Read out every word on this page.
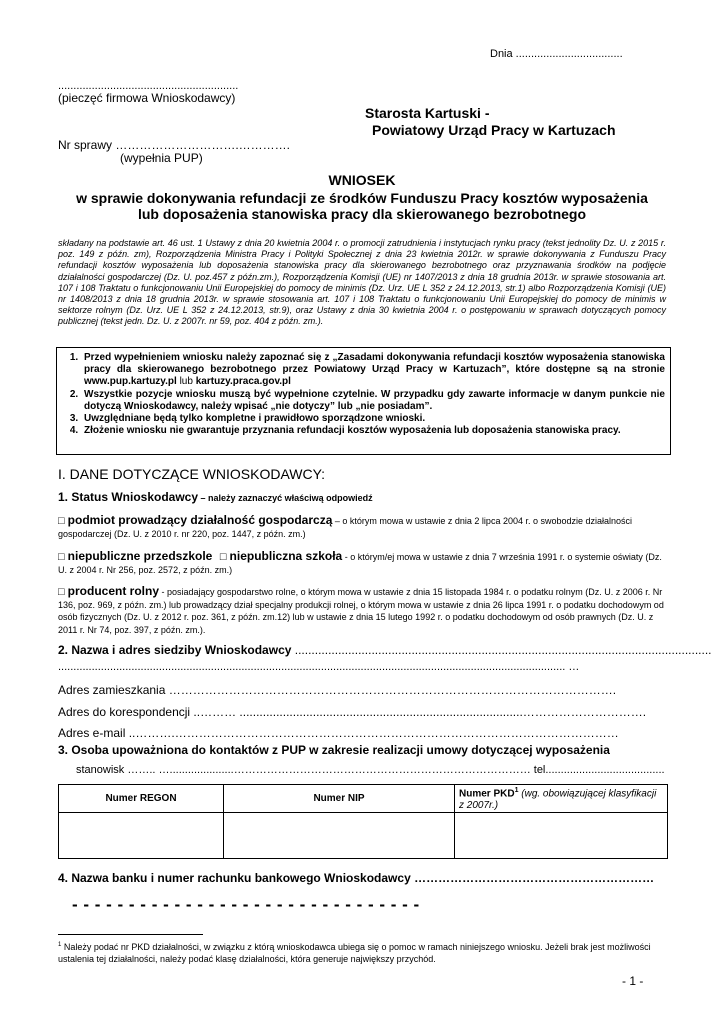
Dnia ...................................
...........................................................
(pieczęć firmowa Wnioskodawcy)
Starosta Kartuski -
Powiatowy Urząd Pracy w Kartuzach
Nr sprawy ………………………….………….
(wypełnia PUP)
WNIOSEK
w sprawie dokonywania refundacji ze środków Funduszu Pracy kosztów wyposażenia
lub doposażenia stanowiska pracy dla skierowanego bezrobotnego
składany na podstawie art. 46 ust. 1 Ustawy z dnia 20 kwietnia 2004 r. o promocji zatrudnienia i instytucjach rynku pracy (tekst jednolity Dz. U. z 2015 r. poz. 149 z późn. zm), Rozporządzenia Ministra Pracy i Polityki Społecznej z dnia 23 kwietnia 2012r. w sprawie dokonywania z Funduszu Pracy refundacji kosztów wyposażenia lub doposażenia stanowiska pracy dla skierowanego bezrobotnego oraz przyznawania środków na podjęcie działalności gospodarczej (Dz. U. poz.457 z późn.zm.), Rozporządzenia Komisji (UE) nr 1407/2013 z dnia 18 grudnia 2013r. w sprawie stosowania art. 107 i 108 Traktatu o funkcjonowaniu Unii Europejskiej do pomocy de minimis (Dz. Urz. UE L 352 z 24.12.2013, str.1) albo Rozporządzenia Komisji (UE) nr 1408/2013 z dnia 18 grudnia 2013r. w sprawie stosowania art. 107 i 108 Traktatu o funkcjonowaniu Unii Europejskiej do pomocy de minimis w sektorze rolnym (Dz. Urz. UE L 352 z 24.12.2013, str.9), oraz Ustawy z dnia 30 kwietnia 2004 r. o postępowaniu w sprawach dotyczących pomocy publicznej (tekst jedn. Dz. U. z 2007r. nr 59, poz. 404 z późn. zm.).
1. Przed wypełnieniem wniosku należy zapoznać się z „Zasadami dokonywania refundacji kosztów wyposażenia stanowiska pracy dla skierowanego bezrobotnego przez Powiatowy Urząd Pracy w Kartuzach”, które dostępne są na stronie www.pup.kartuzy.pl lub kartuzy.praca.gov.pl
2. Wszystkie pozycje wniosku muszą być wypełnione czytelnie. W przypadku gdy zawarte informacje w danym punkcie nie dotyczą Wnioskodawcy, należy wpisać „nie dotyczy” lub „nie posiadam”.
3. Uwzględniane będą tylko kompletne i prawidłowo sporządzone wnioski.
4. Złożenie wniosku nie gwarantuje przyznania refundacji kosztów wyposażenia lub doposażenia stanowiska pracy.
I. DANE DOTYCZĄCE WNIOSKODAWCY:
1. Status Wnioskodawcy – należy zaznaczyć właściwą odpowiedź
□ podmiot prowadzący działalność gospodarczą – o którym mowa w ustawie z dnia 2 lipca 2004 r. o swobodzie działalności gospodarczej (Dz. U. z 2010 r. nr 220, poz. 1447, z późn. zm.)
□ niepubliczne przedszkole □ niepubliczna szkoła - o którym/ej mowa w ustawie z dnia 7 września 1991 r. o systemie oświaty (Dz. U. z 2004 r. Nr 256, poz. 2572, z późn. zm.)
□ producent rolny - posiadający gospodarstwo rolne, o którym mowa w ustawie z dnia 15 listopada 1984 r. o podatku rolnym (Dz. U. z 2006 r. Nr 136, poz. 969, z późn. zm.) lub prowadzący dział specjalny produkcji rolnej, o którym mowa w ustawie z dnia 26 lipca 1991 r. o podatku dochodowym od osób fizycznych (Dz. U. z 2012 r. poz. 361, z późn. zm.12) lub w ustawie z dnia 15 lutego 1992 r. o podatku dochodowym od osób prawnych (Dz. U. z 2011 r. Nr 74, poz. 397, z późn. zm.).
2. Nazwa i adres siedziby Wnioskodawcy .............................................................................................................................
...................................................................................................................................................................... …
Adres zamieszkania ………………………………………………………………………………………………….
Adres do korespondencji ..……… .....................................................................................………………………….
Adres e-mail ..……….…………………………………………………………………………………………………
3. Osoba upoważniona do kontaktów z PUP w zakresie realizacji umowy dotyczącej wyposażenia
stanowisk …….. ….....................……………………………………………………………………… tel.......................................
Numer REGON	Numer NIP	Numer PKD$^1$ (wg. obowiązującej klasyfikacji z 2007r.)

4. Nazwa banku i numer rachunku bankowego Wnioskodawcy ……………………………………………………
- - - - - - - - - - - - - - - - - - - - - - - - - - - - - - -
$^1$ Należy podać nr PKD działalności, w związku z którą wnioskodawca ubiega się o pomoc w ramach niniejszego wniosku. Jeżeli brak jest możliwości ustalenia tej działalności, należy podać klasę działalności, która generuje największy przychód.
- 1 -
